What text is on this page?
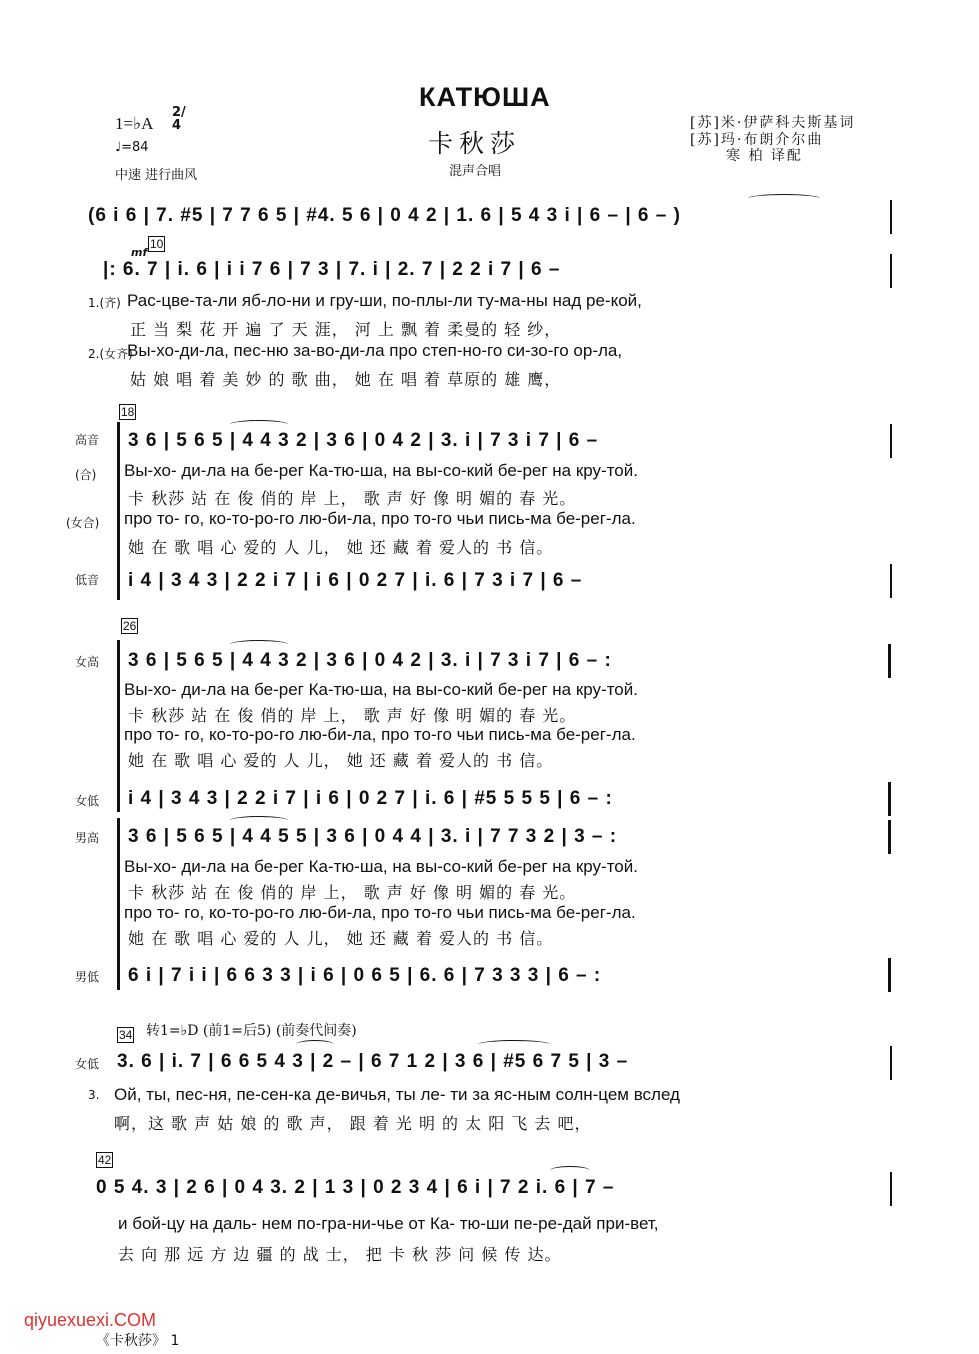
КАТЮША
卡秋莎
混声合唱
1=♭A
2/4
♩=84
中速 进行曲风
[苏]米·伊萨科夫斯基词
[苏]玛·布朗介尔曲
寒 柏 译配
(6 i 6 | 7. #5 | 7 7 6 5 | #4. 5 6 | 0 4 2 | 1. 6 | 5 4 3 i | 6 – | 6 – )
10
mf
|: 6. 7 | i. 6 | i i 7 6 | 7 3 | 7. i | 2. 7 | 2 2 i 7 | 6 –
1.(齐) Рас-цве-та-ли яб-ло-ни и гру-ши, по-плы-ли ту-ма-ны над ре-кой,
正 当 梨 花 开 遍 了 天 涯， 河 上 飘 着 柔曼的 轻 纱，
2.(女齐)
Вы-хо-ди-ла, пес-ню за-во-ди-ла про степ-но-го си-зо-го ор-ла,
姑 娘 唱 着 美 妙 的 歌 曲， 她 在 唱 着 草原的 雄 鹰，
18
高音 3 6 | 5 6 5 | 4 4 3 2 | 3 6 | 0 4 2 | 3. i | 7 3 i 7 | 6 –
(合) Вы-хо- ди-ла на бе-рег Ка-тю-ша, на вы-со-кий бе-рег на кру-той.
卡 秋莎 站 在 俊 俏的 岸 上， 歌 声 好 像 明 媚的 春 光。
(女合) про то- го, ко-то-ро-го лю-би-ла, про то-го чьи пись-ма бе-рег-ла.
她 在 歌 唱 心 爱的 人 儿， 她 还 藏 着 爱人的 书 信。
低音 i 4 | 3 4 3 | 2 2 i 7 | i 6 | 0 2 7 | i. 6 | 7 3 i 7 | 6 –
26
女高 3 6 | 5 6 5 | 4 4 3 2 | 3 6 | 0 4 2 | 3. i | 7 3 i 7 | 6 – :
Вы-хо- ди-ла на бе-рег Ка-тю-ша, на вы-со-кий бе-рег на кру-той.
卡 秋莎 站 在 俊 俏的 岸 上， 歌 声 好 像 明 媚的 春 光。
про то- го, ко-то-ро-го лю-би-ла, про то-го чьи пись-ма бе-рег-ла.
她 在 歌 唱 心 爱的 人 儿， 她 还 藏 着 爱人的 书 信。
女低 i 4 | 3 4 3 | 2 2 i 7 | i 6 | 0 2 7 | i. 6 | #5 5 5 5 | 6 – :
男高 3 6 | 5 6 5 | 4 4 5 5 | 3 6 | 0 4 4 | 3. i | 7 7 3 2 | 3 – :
Вы-хо- ди-ла на бе-рег Ка-тю-ша, на вы-со-кий бе-рег на кру-той.
卡 秋莎 站 在 俊 俏的 岸 上， 歌 声 好 像 明 媚的 春 光。
про то- го, ко-то-ро-го лю-би-ла, про то-го чьи пись-ма бе-рег-ла.
她 在 歌 唱 心 爱的 人 儿， 她 还 藏 着 爱人的 书 信。
男低 6 i | 7 i i | 6 6 3 3 | i 6 | 0 6 5 | 6. 6 | 7 3 3 3 | 6 – :
34 转1=♭D (前1=后5) (前奏代间奏)
女低 3. 6 | i. 7 | 6 6 5 4 3 | 2 – | 6 7 1 2 | 3 6 | #5 6 7 5 | 3 –
3. Ой, ты, пес-ня, пе-сен-ка де-вичья, ты ле- ти за яс-ным солн-цем вслед
啊，这 歌 声 姑 娘 的 歌 声， 跟 着 光 明 的 太 阳 飞 去 吧，
42
0 5 4. 3 | 2 6 | 0 4 3. 2 | 1 3 | 0 2 3 4 | 6 i | 7 2 i. 6 | 7 –
и бой-цу на даль- нем по-гра-ни-чье от Ка- тю-ши пе-ре-дай при-вет,
去 向 那 远 方 边 疆 的 战 士， 把 卡 秋 莎 问 候 传 达。
《卡秋莎》 1
qiyuexuexi.COM
